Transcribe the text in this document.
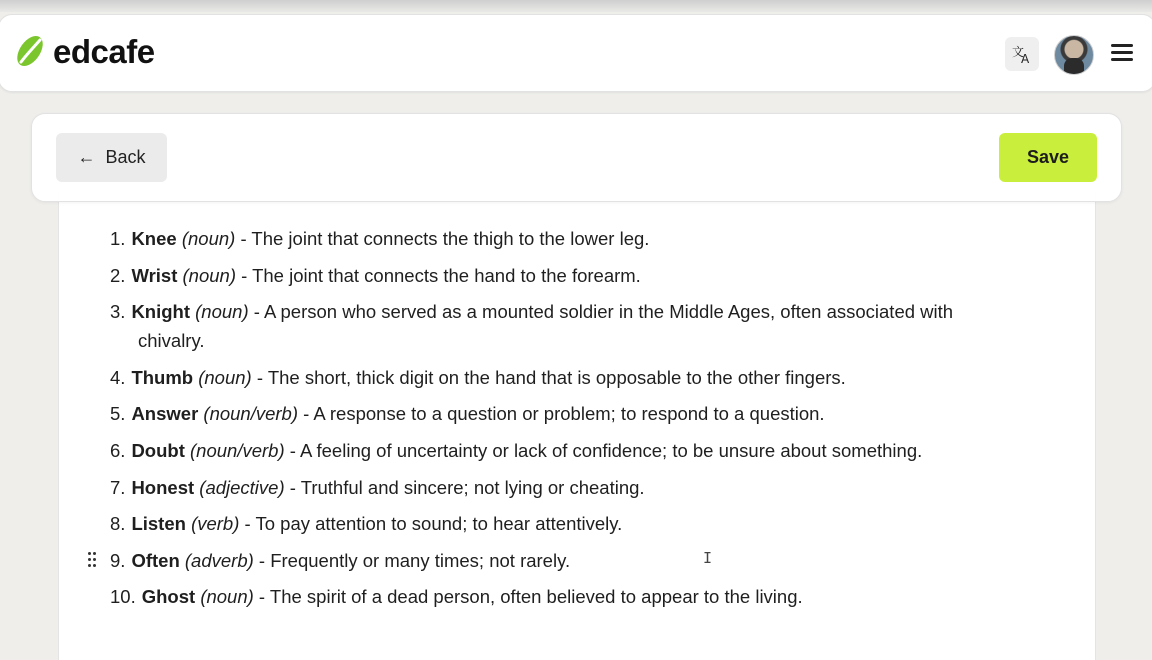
edcafe	文
A
← Back	Save
1. Knee (noun) - The joint that connects the thigh to the lower leg.
2. Wrist (noun) - The joint that connects the hand to the forearm.
3. Knight (noun) - A person who served as a mounted soldier in the Middle Ages, often associated with
chivalry.
4. Thumb (noun) - The short, thick digit on the hand that is opposable to the other fingers.
5. Answer (noun/verb) - A response to a question or problem; to respond to a question.
6. Doubt (noun/verb) - A feeling of uncertainty or lack of confidence; to be unsure about something.
7. Honest (adjective) - Truthful and sincere; not lying or cheating.
8. Listen (verb) - To pay attention to sound; to hear attentively.
9. Often (adverb) - Frequently or many times; not rarely.
10. Ghost (noun) - The spirit of a dead person, often believed to appear to the living.
I
